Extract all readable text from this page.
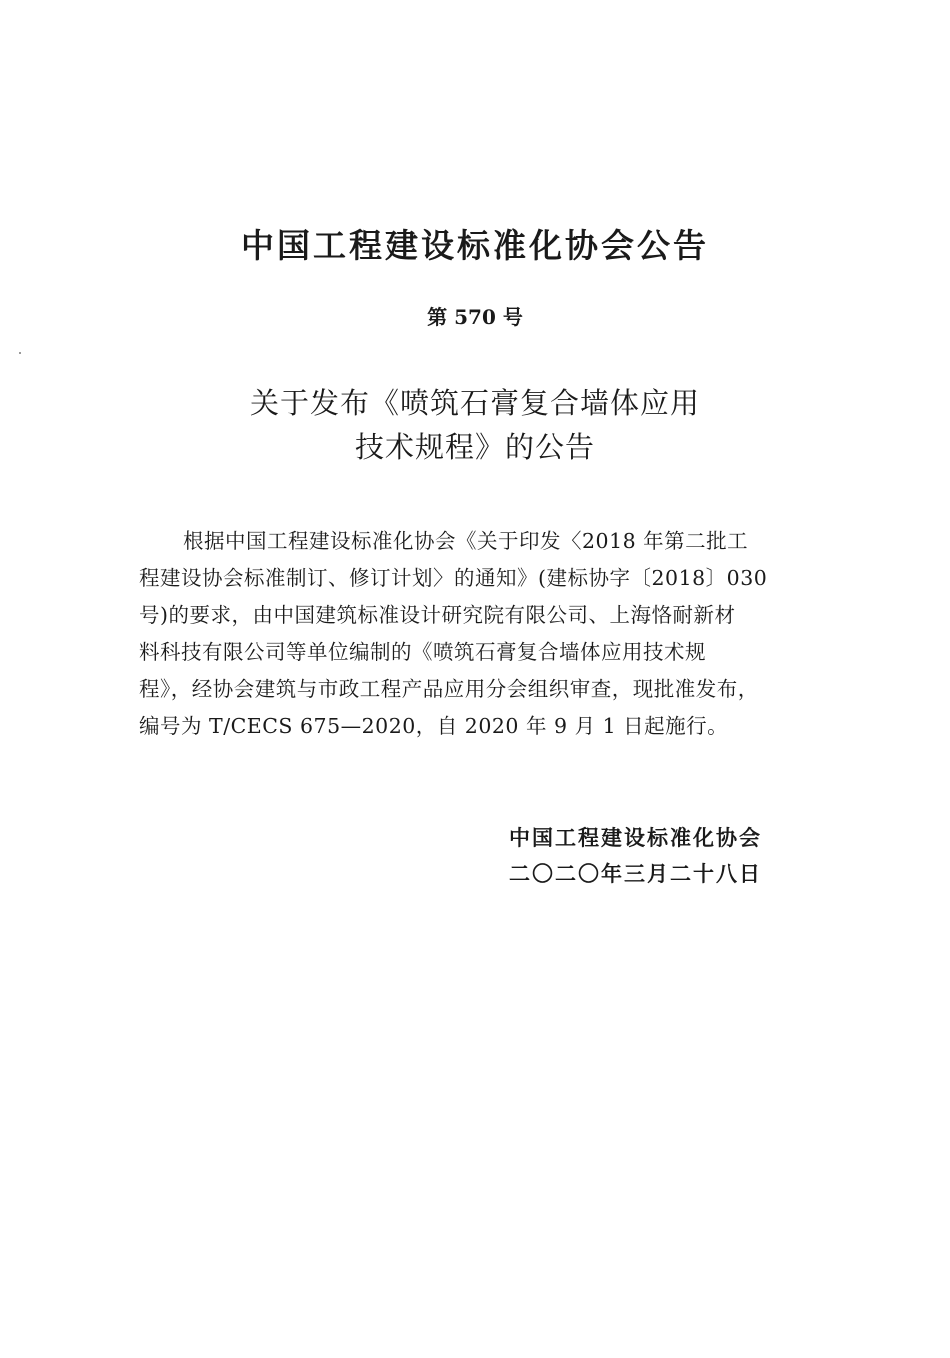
中国工程建设标准化协会公告
第 570 号
关于发布《喷筑石膏复合墙体应用
技术规程》的公告
根据中国工程建设标准化协会《关于印发〈2018 年第二批工
程建设协会标准制订、修订计划〉的通知》(建标协字〔2018〕030
号)的要求，由中国建筑标准设计研究院有限公司、上海恪耐新材
料科技有限公司等单位编制的《喷筑石膏复合墙体应用技术规
程》，经协会建筑与市政工程产品应用分会组织审查，现批准发布，
编号为 T/CECS 675—2020，自 2020 年 9 月 1 日起施行。
中国工程建设标准化协会
二〇二〇年三月二十八日
